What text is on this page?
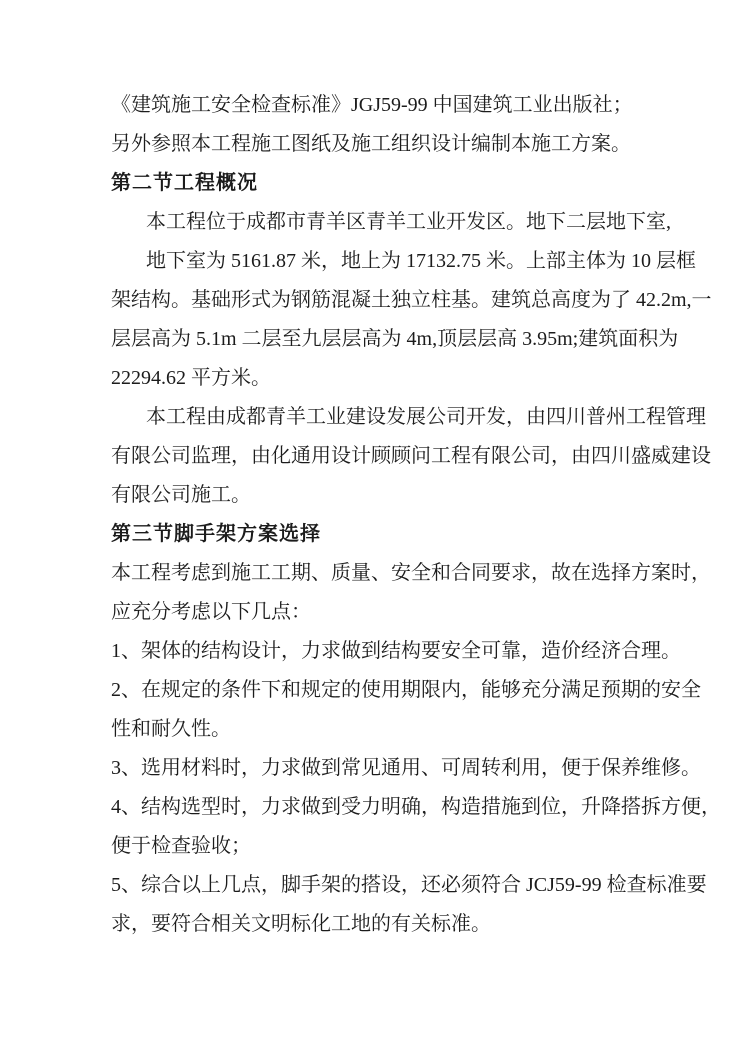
《建筑施工安全检查标准》JGJ59-99 中国建筑工业出版社；
另外参照本工程施工图纸及施工组织设计编制本施工方案。
第二节工程概况
本工程位于成都市青羊区青羊工业开发区。地下二层地下室,
地下室为 5161.87 米，地上为 17132.75 米。上部主体为 10 层框
架结构。基础形式为钢筋混凝土独立柱基。建筑总高度为了 42.2m,一
层层高为 5.1m 二层至九层层高为 4m,顶层层高 3.95m;建筑面积为
22294.62 平方米。
本工程由成都青羊工业建设发展公司开发，由四川普州工程管理
有限公司监理，由化通用设计顾顾问工程有限公司，由四川盛威建设
有限公司施工。
第三节脚手架方案选择
本工程考虑到施工工期、质量、安全和合同要求，故在选择方案时，
应充分考虑以下几点：
1、架体的结构设计，力求做到结构要安全可靠，造价经济合理。
2、在规定的条件下和规定的使用期限内，能够充分满足预期的安全
性和耐久性。
3、选用材料时，力求做到常见通用、可周转利用，便于保养维修。
4、结构选型时，力求做到受力明确，构造措施到位，升降搭拆方便，
便于检查验收；
5、综合以上几点，脚手架的搭设，还必须符合 JCJ59-99 检查标准要
求，要符合相关文明标化工地的有关标准。
